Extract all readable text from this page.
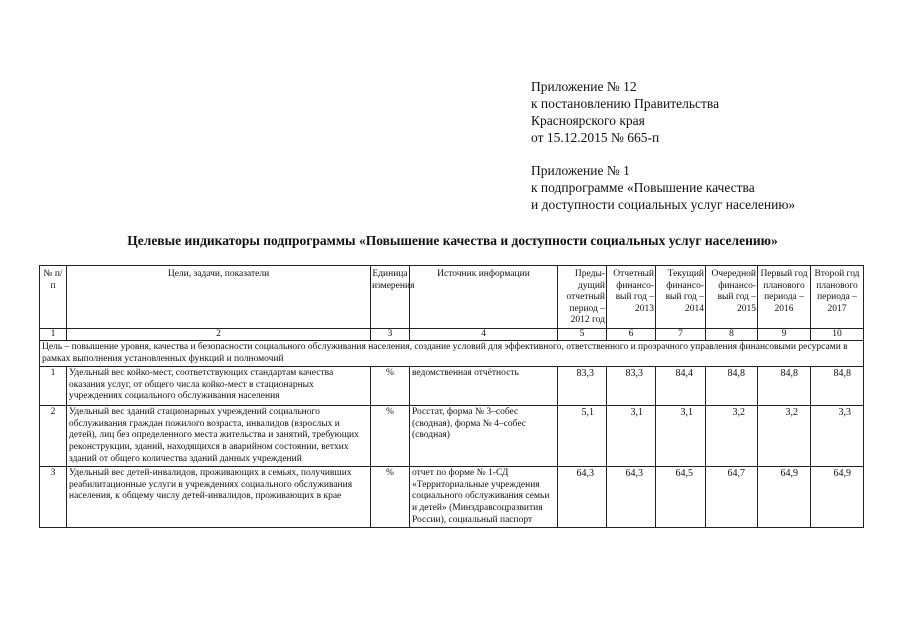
Приложение № 12
к постановлению Правительства
Красноярского края
от 15.12.2015 № 665-п
Приложение № 1
к подпрограмме «Повышение качества
и доступности социальных услуг населению»
Целевые индикаторы подпрограммы «Повышение качества и доступности социальных услуг населению»
№ п/п	Цели, задачи, показатели	Единица измерения	Источник информации	Преды-дущий отчетный период – 2012 год	Отчетный финансо-вый год – 2013	Текущий финансо-вый год – 2014	Очередной финансо-вый год – 2015	Первый год планового периода – 2016	Второй год планового периода – 2017
1	2	3	4	5	6	7	8	9	10
Цель – повышение уровня, качества и безопасности социального обслуживания населения, создание условий для эффективного, ответственного и прозрачного управления финансовыми ресурсами в рамках выполнения установленных функций и полномочий									
1	Удельный вес койко-мест, соответствующих стандартам качества оказания услуг, от общего числа койко-мест в стационарных учреждениях социального обслуживания населения	%	ведомственная отчётность	83,3	83,3	84,4	84,8	84,8	84,8
2	Удельный вес зданий стационарных учреждений социального обслуживания граждан пожилого возраста, инвалидов (взрослых и детей), лиц без определенного места жительства и занятий, требующих реконструкции, зданий, находящихся в аварийном состоянии, ветхих зданий от общего количества зданий данных учреждений	%	Росстат, форма № 3–собес (сводная), форма № 4–собес (сводная)	5,1	3,1	3,1	3,2	3,2	3,3
3	Удельный вес детей-инвалидов, проживающих в семьях, получивших реабилитационные услуги в учреждениях социального обслуживания населения, к общему числу детей-инвалидов, проживающих в крае	%	отчет по форме № 1-СД «Территориальные учреждения социального обслуживания семьи и детей» (Минздравсоцразвития России), социальный паспорт	64,3	64,3	64,5	64,7	64,9	64,9
